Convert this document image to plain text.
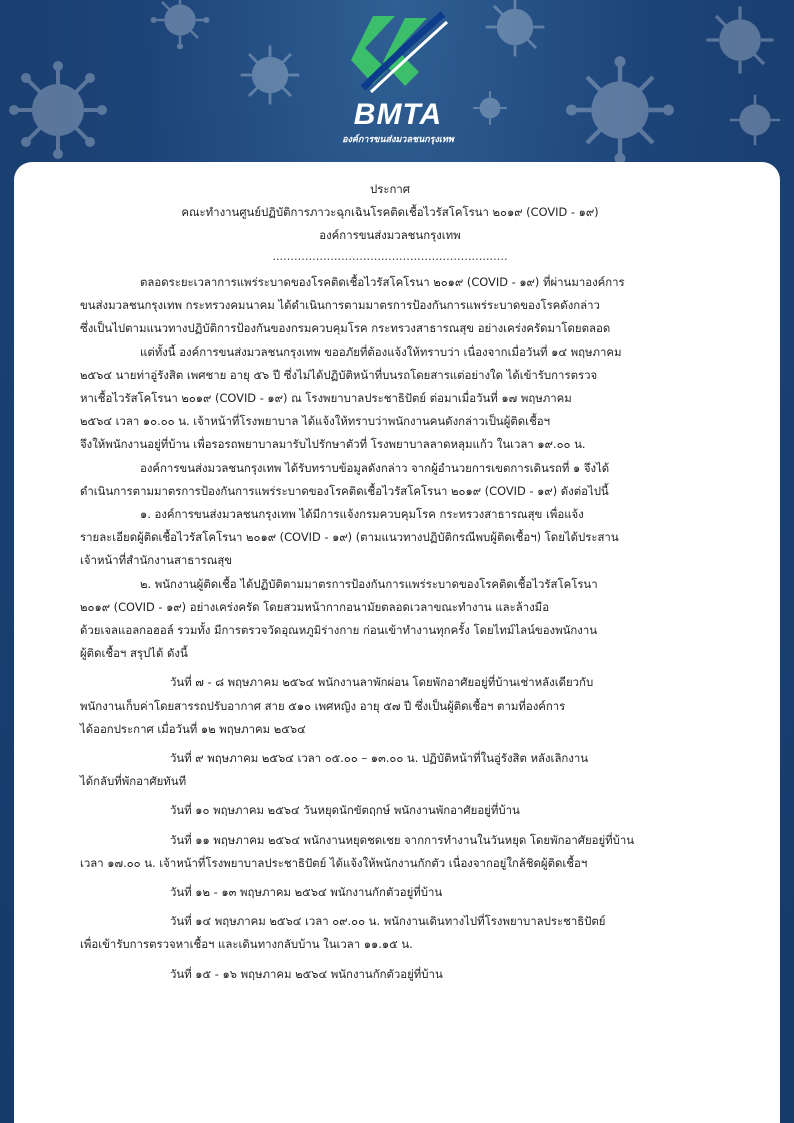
BMTA
องค์การขนส่งมวลชนกรุงเทพ
ประกาศ
คณะทำงานศูนย์ปฏิบัติการภาวะฉุกเฉินโรคติดเชื้อไวรัสโคโรนา ๒๐๑๙ (COVID - ๑๙)
องค์การขนส่งมวลชนกรุงเทพ
.................................................................
ตลอดระยะเวลาการแพร่ระบาดของโรคติดเชื้อไวรัสโคโรนา ๒๐๑๙ (COVID - ๑๙) ที่ผ่านมาองค์การ
ขนส่งมวลชนกรุงเทพ กระทรวงคมนาคม ได้ดำเนินการตามมาตรการป้องกันการแพร่ระบาดของโรคดังกล่าว
ซึ่งเป็นไปตามแนวทางปฏิบัติการป้องกันของกรมควบคุมโรค กระทรวงสาธารณสุข อย่างเคร่งครัดมาโดยตลอด
แต่ทั้งนี้ องค์การขนส่งมวลชนกรุงเทพ ขออภัยที่ต้องแจ้งให้ทราบว่า เนื่องจากเมื่อวันที่ ๑๔ พฤษภาคม
๒๕๖๔ นายท่าอู่รังสิต เพศชาย อายุ ๕๖ ปี ซึ่งไม่ได้ปฏิบัติหน้าที่บนรถโดยสารแต่อย่างใด ได้เข้ารับการตรวจ
หาเชื้อไวรัสโคโรนา ๒๐๑๙ (COVID - ๑๙) ณ โรงพยาบาลประชาธิปัตย์ ต่อมาเมื่อวันที่ ๑๗ พฤษภาคม
๒๕๖๔ เวลา ๑๐.๐๐ น. เจ้าหน้าที่โรงพยาบาล ได้แจ้งให้ทราบว่าพนักงานคนดังกล่าวเป็นผู้ติดเชื้อฯ
จึงให้พนักงานอยู่ที่บ้าน เพื่อรอรถพยาบาลมารับไปรักษาตัวที่ โรงพยาบาลลาดหลุมแก้ว ในเวลา ๑๙.๐๐ น.
องค์การขนส่งมวลชนกรุงเทพ ได้รับทราบข้อมูลดังกล่าว จากผู้อำนวยการเขตการเดินรถที่ ๑ จึงได้
ดำเนินการตามมาตรการป้องกันการแพร่ระบาดของโรคติดเชื้อไวรัสโคโรนา ๒๐๑๙ (COVID - ๑๙) ดังต่อไปนี้
๑. องค์การขนส่งมวลชนกรุงเทพ ได้มีการแจ้งกรมควบคุมโรค กระทรวงสาธารณสุข เพื่อแจ้ง
รายละเอียดผู้ติดเชื้อไวรัสโคโรนา ๒๐๑๙ (COVID - ๑๙) (ตามแนวทางปฏิบัติกรณีพบผู้ติดเชื้อฯ) โดยได้ประสาน
เจ้าหน้าที่สำนักงานสาธารณสุข
๒. พนักงานผู้ติดเชื้อ ได้ปฏิบัติตามมาตรการป้องกันการแพร่ระบาดของโรคติดเชื้อไวรัสโคโรนา
๒๐๑๙ (COVID - ๑๙) อย่างเคร่งครัด โดยสวมหน้ากากอนามัยตลอดเวลาขณะทำงาน และล้างมือ
ด้วยเจลแอลกอฮอล์ รวมทั้ง มีการตรวจวัดอุณหภูมิร่างกาย ก่อนเข้าทำงานทุกครั้ง โดยไทม์ไลน์ของพนักงาน
ผู้ติดเชื้อฯ สรุปได้ ดังนี้
วันที่ ๗ - ๘ พฤษภาคม ๒๕๖๔ พนักงานลาพักผ่อน โดยพักอาศัยอยู่ที่บ้านเช่าหลังเดียวกับ
พนักงานเก็บค่าโดยสารรถปรับอากาศ สาย ๕๑๐ เพศหญิง อายุ ๕๗ ปี ซึ่งเป็นผู้ติดเชื้อฯ ตามที่องค์การ
ได้ออกประกาศ เมื่อวันที่ ๑๒ พฤษภาคม ๒๕๖๔
วันที่ ๙ พฤษภาคม ๒๕๖๔ เวลา ๐๕.๐๐ – ๑๓.๐๐ น. ปฏิบัติหน้าที่ในอู่รังสิต หลังเลิกงาน
ได้กลับที่พักอาศัยทันที
วันที่ ๑๐ พฤษภาคม ๒๕๖๔ วันหยุดนักขัตฤกษ์ พนักงานพักอาศัยอยู่ที่บ้าน
วันที่ ๑๑ พฤษภาคม ๒๕๖๔ พนักงานหยุดชดเชย จากการทำงานในวันหยุด โดยพักอาศัยอยู่ที่บ้าน
เวลา ๑๗.๐๐ น. เจ้าหน้าที่โรงพยาบาลประชาธิปัตย์ ได้แจ้งให้พนักงานกักตัว เนื่องจากอยู่ใกล้ชิดผู้ติดเชื้อฯ
วันที่ ๑๒ - ๑๓ พฤษภาคม ๒๕๖๔ พนักงานกักตัวอยู่ที่บ้าน
วันที่ ๑๔ พฤษภาคม ๒๕๖๔ เวลา ๐๙.๐๐ น. พนักงานเดินทางไปที่โรงพยาบาลประชาธิปัตย์
เพื่อเข้ารับการตรวจหาเชื้อฯ และเดินทางกลับบ้าน ในเวลา ๑๑.๑๕ น.
วันที่ ๑๕ - ๑๖ พฤษภาคม ๒๕๖๔ พนักงานกักตัวอยู่ที่บ้าน
